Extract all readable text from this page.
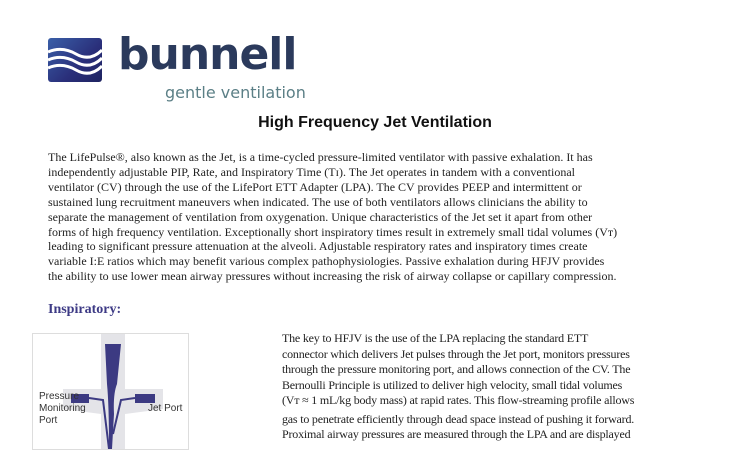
bunnell
gentle ventilation
High Frequency Jet Ventilation
The LifePulse®, also known as the Jet, is a time-cycled pressure-limited ventilator with passive exhalation. It has
independently adjustable PIP, Rate, and Inspiratory Time (Tɪ). The Jet operates in tandem with a conventional
ventilator (CV) through the use of the LifePort ETT Adapter (LPA). The CV provides PEEP and intermittent or
sustained lung recruitment maneuvers when indicated. The use of both ventilators allows clinicians the ability to
separate the management of ventilation from oxygenation. Unique characteristics of the Jet set it apart from other
forms of high frequency ventilation. Exceptionally short inspiratory times result in extremely small tidal volumes (Vᴛ)
leading to significant pressure attenuation at the alveoli. Adjustable respiratory rates and inspiratory times create
variable I:E ratios which may benefit various complex pathophysiologies. Passive exhalation during HFJV provides
the ability to use lower mean airway pressures without increasing the risk of airway collapse or capillary compression.
Inspiratory:
Pressure
Monitoring
Port
Jet Port
The key to HFJV is the use of the LPA replacing the standard ETT
connector which delivers Jet pulses through the Jet port, monitors pressures
through the pressure monitoring port, and allows connection of the CV. The
Bernoulli Principle is utilized to deliver high velocity, small tidal volumes
(Vᴛ ≈ 1 mL/kg body mass) at rapid rates. This flow-streaming profile allows
gas to penetrate efficiently through dead space instead of pushing it forward.
Proximal airway pressures are measured through the LPA and are displayed
